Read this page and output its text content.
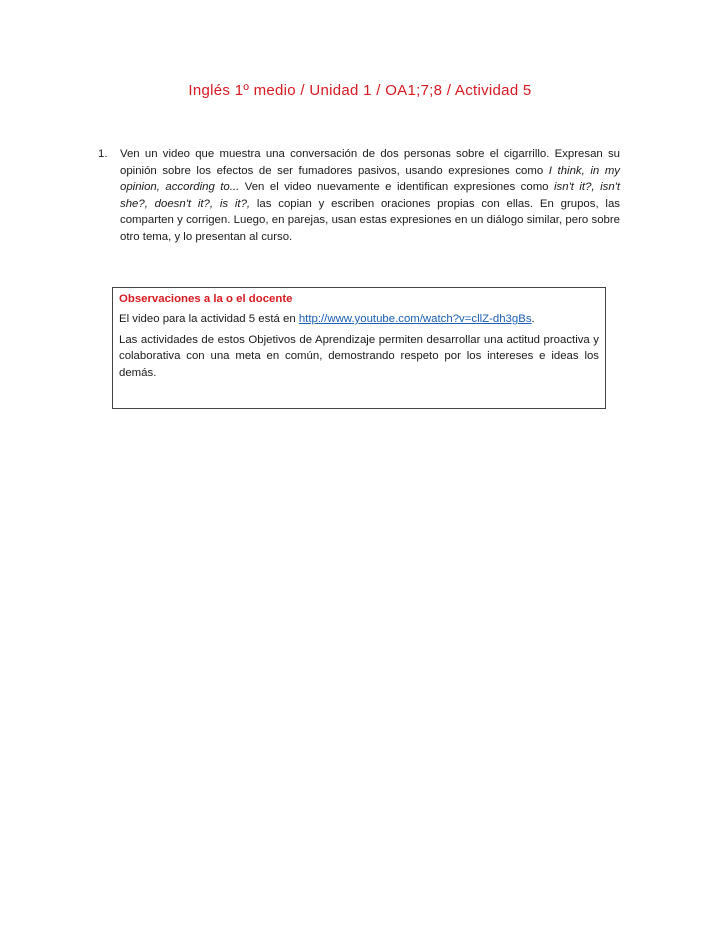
Inglés 1º medio / Unidad 1 / OA1;7;8 / Actividad 5
1. Ven un video que muestra una conversación de dos personas sobre el cigarrillo. Expresan su opinión sobre los efectos de ser fumadores pasivos, usando expresiones como I think, in my opinion, according to... Ven el video nuevamente e identifican expresiones como isn't it?, isn't she?, doesn't it?, is it?, las copian y escriben oraciones propias con ellas. En grupos, las comparten y corrigen. Luego, en parejas, usan estas expresiones en un diálogo similar, pero sobre otro tema, y lo presentan al curso.
Observaciones a la o el docente

El video para la actividad 5 está en http://www.youtube.com/watch?v=cllZ-dh3gBs.

Las actividades de estos Objetivos de Aprendizaje permiten desarrollar una actitud proactiva y colaborativa con una meta en común, demostrando respeto por los intereses e ideas los demás.
